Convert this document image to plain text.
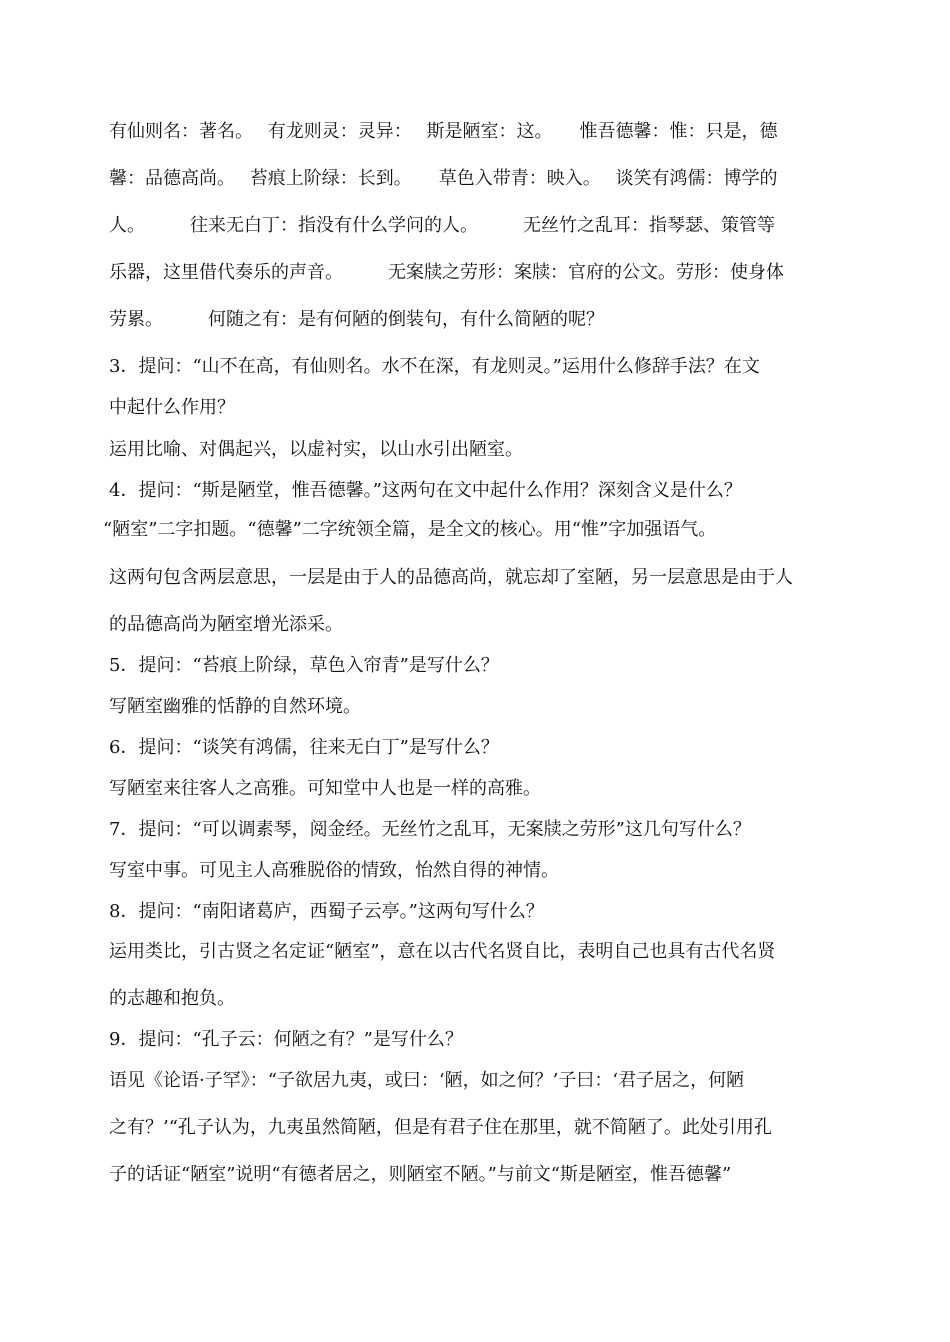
有仙则名：著名。　 有龙则灵：灵异：　 斯是陋室：这。　　惟吾德馨：惟：只是，德
馨：品德高尚。　 苔痕上阶绿：长到。　　草色入带青：映入。　 谈笑有鸿儒：博学的
人。　　　往来无白丁：指没有什么学问的人。　　　无丝竹之乱耳：指琴瑟、策管等
乐器，这里借代奏乐的声音。　　　无案牍之劳形：案牍：官府的公文。劳形：使身体
劳累。　　　何随之有：是有何陋的倒装句，有什么简陋的呢？
3．提问：“山不在高，有仙则名。水不在深，有龙则灵。”运用什么修辞手法？在文
中起什么作用？
运用比喻、对偶起兴，以虚衬实，以山水引出陋室。
4．提问：“斯是陋堂，惟吾德馨。”这两句在文中起什么作用？深刻含义是什么？
“陋室”二字扣题。“德馨”二字统领全篇，是全文的核心。用“惟”字加强语气。
这两句包含两层意思，一层是由于人的品德高尚，就忘却了室陋，另一层意思是由于人
的品德高尚为陋室增光添采。
5．提问：“苔痕上阶绿，草色入帘青”是写什么？
写陋室幽雅的恬静的自然环境。
6．提问：“谈笑有鸿儒，往来无白丁”是写什么？
写陋室来往客人之高雅。可知堂中人也是一样的高雅。
7．提问：“可以调素琴，阅金经。无丝竹之乱耳，无案牍之劳形”这几句写什么？
写室中事。可见主人高雅脱俗的情致，怡然自得的神情。
8．提问：“南阳诸葛庐，西蜀子云亭。”这两句写什么？
运用类比，引古贤之名定证“陋室”，意在以古代名贤自比，表明自己也具有古代名贤
的志趣和抱负。
9．提问：“孔子云：何陋之有？”是写什么？
语见《论语·子罕》：“子欲居九夷，或曰：‘陋，如之何？’子曰：‘君子居之，何陋
之有？’“孔子认为，九夷虽然简陋，但是有君子住在那里，就不简陋了。此处引用孔
子的话证“陋室”说明“有德者居之，则陋室不陋。”与前文“斯是陋室，惟吾德馨”
